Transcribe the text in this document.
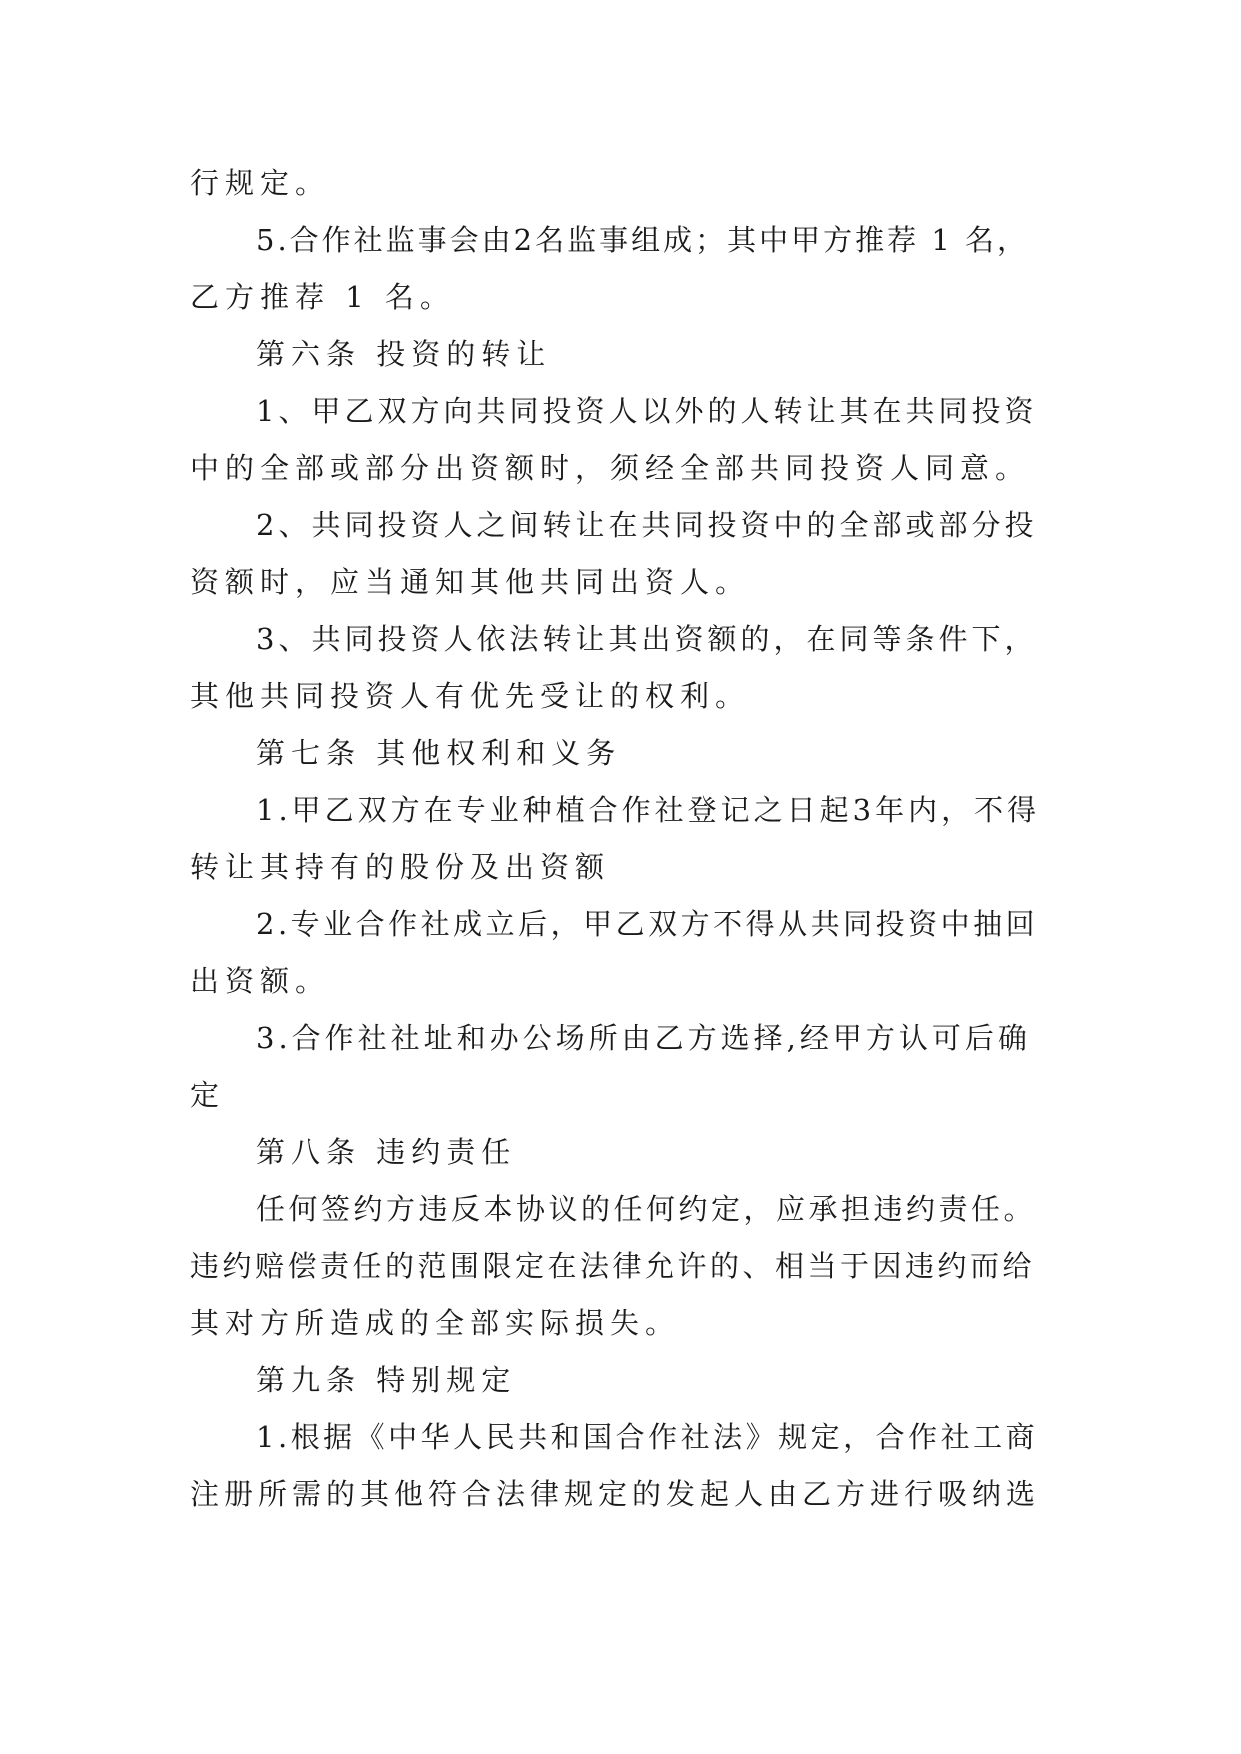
行规定。
5.合作社监事会由2名监事组成；其中甲方推荐 1 名，
乙方推荐 1 名。
第六条 投资的转让
1、甲乙双方向共同投资人以外的人转让其在共同投资
中的全部或部分出资额时，须经全部共同投资人同意。
2、共同投资人之间转让在共同投资中的全部或部分投
资额时，应当通知其他共同出资人。
3、共同投资人依法转让其出资额的，在同等条件下，
其他共同投资人有优先受让的权利。
第七条 其他权利和义务
1.甲乙双方在专业种植合作社登记之日起3年内，不得
转让其持有的股份及出资额
2.专业合作社成立后，甲乙双方不得从共同投资中抽回
出资额。
3.合作社社址和办公场所由乙方选择,经甲方认可后确
定
第八条 违约责任
任何签约方违反本协议的任何约定，应承担违约责任。
违约赔偿责任的范围限定在法律允许的、相当于因违约而给
其对方所造成的全部实际损失。
第九条 特别规定
1.根据《中华人民共和国合作社法》规定，合作社工商
注册所需的其他符合法律规定的发起人由乙方进行吸纳选
